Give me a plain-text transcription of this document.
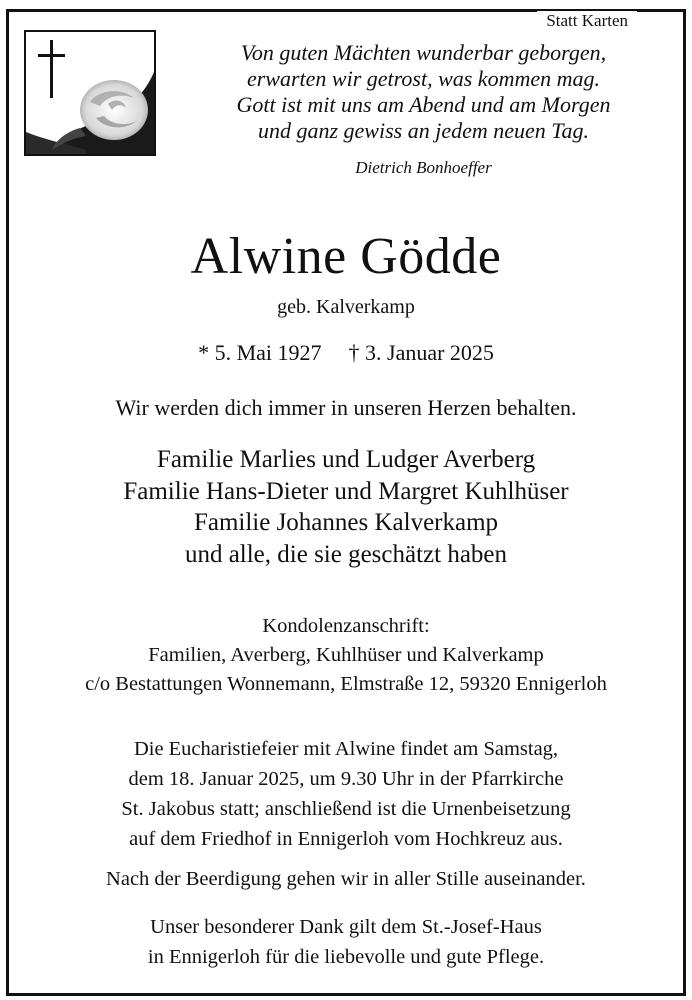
Statt Karten
Von guten Mächten wunderbar geborgen,
erwarten wir getrost, was kommen mag.
Gott ist mit uns am Abend und am Morgen
und ganz gewiss an jedem neuen Tag.
Dietrich Bonhoeffer
Alwine Gödde
geb. Kalverkamp
* 5. Mai 1927 † 3. Januar 2025
Wir werden dich immer in unseren Herzen behalten.
Familie Marlies und Ludger Averberg
Familie Hans-Dieter und Margret Kuhlhüser
Familie Johannes Kalverkamp
und alle, die sie geschätzt haben
Kondolenzanschrift:
Familien, Averberg, Kuhlhüser und Kalverkamp
c/o Bestattungen Wonnemann, Elmstraße 12, 59320 Ennigerloh
Die Eucharistiefeier mit Alwine findet am Samstag,
dem 18. Januar 2025, um 9.30 Uhr in der Pfarrkirche
St. Jakobus statt; anschließend ist die Urnenbeisetzung
auf dem Friedhof in Ennigerloh vom Hochkreuz aus.
Nach der Beerdigung gehen wir in aller Stille auseinander.
Unser besonderer Dank gilt dem St.-Josef-Haus
in Ennigerloh für die liebevolle und gute Pflege.
